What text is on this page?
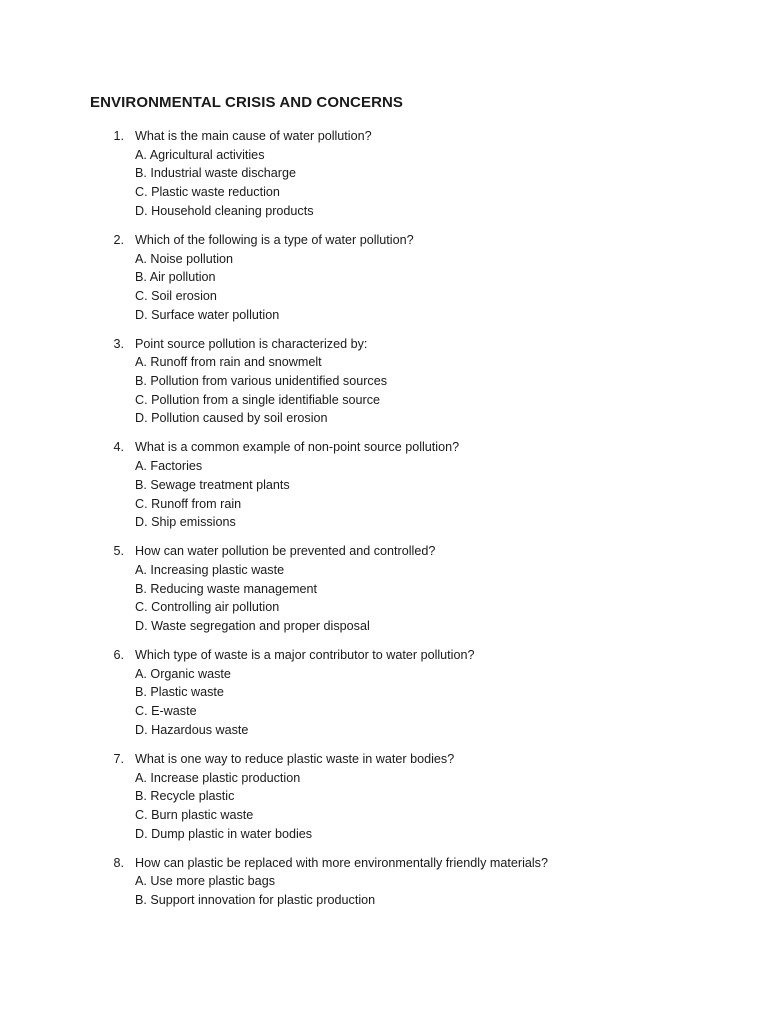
ENVIRONMENTAL CRISIS AND CONCERNS
1. What is the main cause of water pollution?
A. Agricultural activities
B. Industrial waste discharge
C. Plastic waste reduction
D. Household cleaning products
2. Which of the following is a type of water pollution?
A. Noise pollution
B. Air pollution
C. Soil erosion
D. Surface water pollution
3. Point source pollution is characterized by:
A. Runoff from rain and snowmelt
B. Pollution from various unidentified sources
C. Pollution from a single identifiable source
D. Pollution caused by soil erosion
4. What is a common example of non-point source pollution?
A. Factories
B. Sewage treatment plants
C. Runoff from rain
D. Ship emissions
5. How can water pollution be prevented and controlled?
A. Increasing plastic waste
B. Reducing waste management
C. Controlling air pollution
D. Waste segregation and proper disposal
6. Which type of waste is a major contributor to water pollution?
A. Organic waste
B. Plastic waste
C. E-waste
D. Hazardous waste
7. What is one way to reduce plastic waste in water bodies?
A. Increase plastic production
B. Recycle plastic
C. Burn plastic waste
D. Dump plastic in water bodies
8. How can plastic be replaced with more environmentally friendly materials?
A. Use more plastic bags
B. Support innovation for plastic production
